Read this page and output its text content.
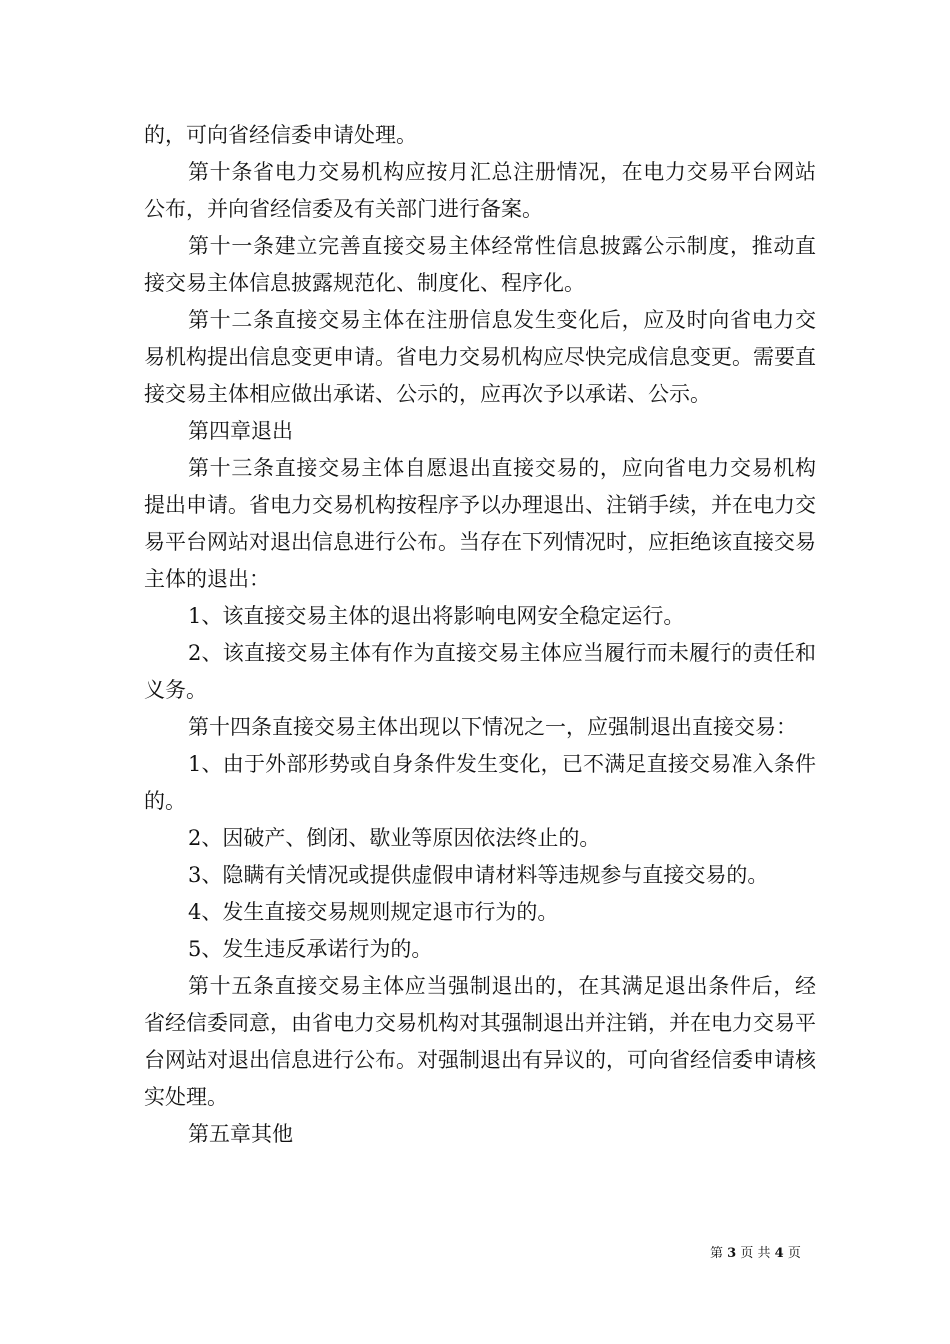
的，可向省经信委申请处理。

第十条省电力交易机构应按月汇总注册情况，在电力交易平台网站公布，并向省经信委及有关部门进行备案。

第十一条建立完善直接交易主体经常性信息披露公示制度，推动直接交易主体信息披露规范化、制度化、程序化。

第十二条直接交易主体在注册信息发生变化后，应及时向省电力交易机构提出信息变更申请。省电力交易机构应尽快完成信息变更。需要直接交易主体相应做出承诺、公示的，应再次予以承诺、公示。

第四章退出

第十三条直接交易主体自愿退出直接交易的，应向省电力交易机构提出申请。省电力交易机构按程序予以办理退出、注销手续，并在电力交易平台网站对退出信息进行公布。当存在下列情况时，应拒绝该直接交易主体的退出：

1、该直接交易主体的退出将影响电网安全稳定运行。

2、该直接交易主体有作为直接交易主体应当履行而未履行的责任和义务。

第十四条直接交易主体出现以下情况之一，应强制退出直接交易：

1、由于外部形势或自身条件发生变化，已不满足直接交易准入条件的。

2、因破产、倒闭、歇业等原因依法终止的。

3、隐瞒有关情况或提供虚假申请材料等违规参与直接交易的。

4、发生直接交易规则规定退市行为的。

5、发生违反承诺行为的。

第十五条直接交易主体应当强制退出的，在其满足退出条件后，经省经信委同意，由省电力交易机构对其强制退出并注销，并在电力交易平台网站对退出信息进行公布。对强制退出有异议的，可向省经信委申请核实处理。

第五章其他

第 3 页 共 4 页
